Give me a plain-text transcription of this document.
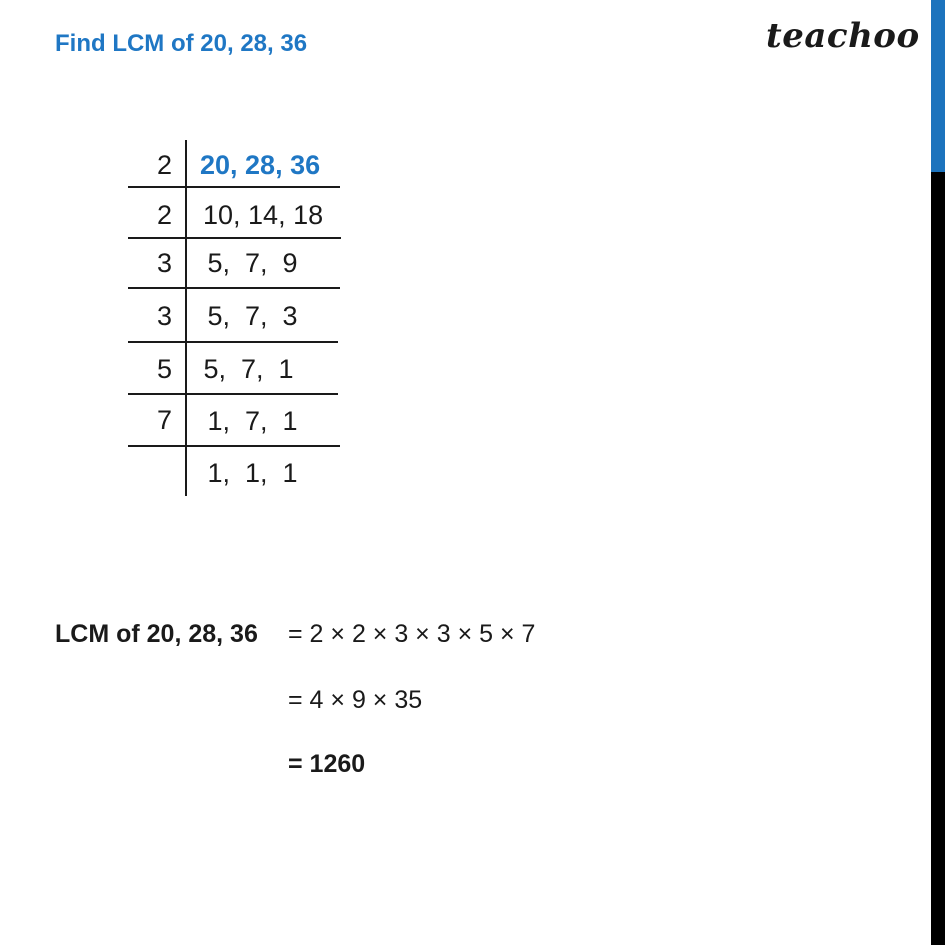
Find LCM of 20, 28, 36	teachoo
2 20, 28, 36
2 10, 14, 18
3 5,  7,  9
3 5,  7,  3
5 5,  7,  1
7 1,  7,  1
1,  1,  1
LCM of 20, 28, 36 = 2 × 2 × 3 × 3 × 5 × 7
= 4 × 9 × 35
= 1260
